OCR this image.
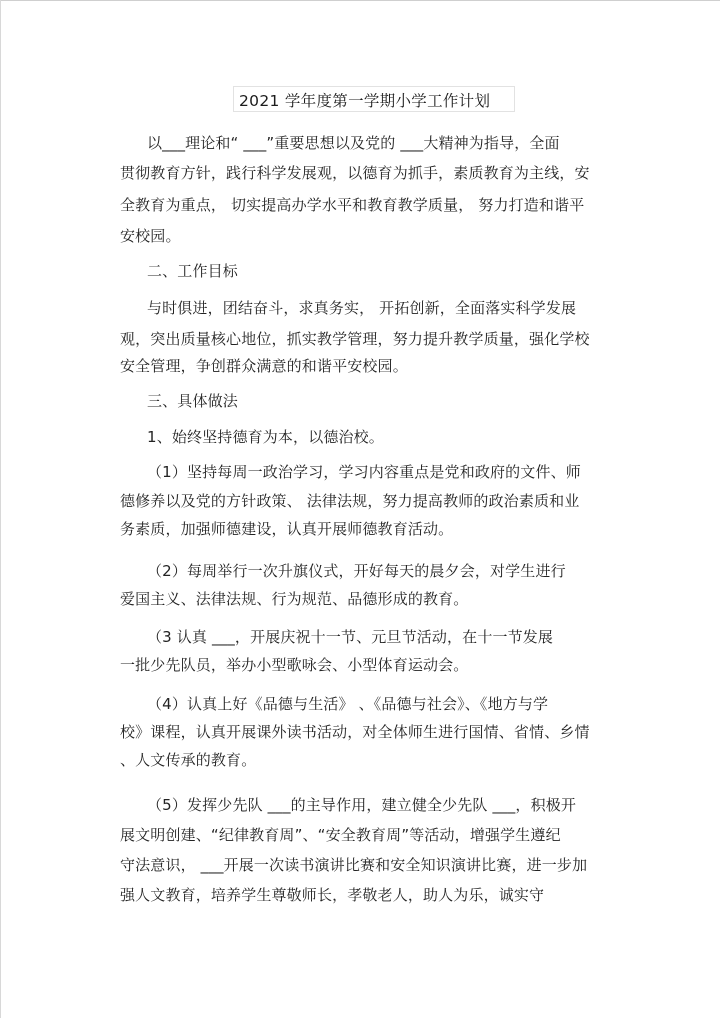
2021 学年度第一学期小学工作计划
以___理论和“ ___”重要思想以及党的 ___大精神为指导，全面
贯彻教育方针，践行科学发展观，以德育为抓手，素质教育为主线，安
全教育为重点， 切实提高办学水平和教育教学质量， 努力打造和谐平
安校园。
二、工作目标
与时俱进，团结奋斗，求真务实， 开拓创新，全面落实科学发展
观，突出质量核心地位，抓实教学管理，努力提升教学质量，强化学校
安全管理，争创群众满意的和谐平安校园。
三、具体做法
1、始终坚持德育为本，以德治校。
（1）坚持每周一政治学习，学习内容重点是党和政府的文件、师
德修养以及党的方针政策、 法律法规，努力提高教师的政治素质和业
务素质，加强师德建设，认真开展师德教育活动。
（2）每周举行一次升旗仪式，开好每天的晨夕会，对学生进行
爱国主义、法律法规、行为规范、品德形成的教育。
（3 认真 ___，开展庆祝十一节、元旦节活动，在十一节发展
一批少先队员，举办小型歌咏会、小型体育运动会。
（4）认真上好《品德与生活》 、《品德与社会》、《地方与学
校》课程，认真开展课外读书活动，对全体师生进行国情、省情、乡情
、人文传承的教育。
（5）发挥少先队 ___的主导作用，建立健全少先队 ___，积极开
展文明创建、“纪律教育周”、“安全教育周”等活动，增强学生遵纪
守法意识， ___开展一次读书演讲比赛和安全知识演讲比赛，进一步加
强人文教育，培养学生尊敬师长，孝敬老人，助人为乐，诚实守
